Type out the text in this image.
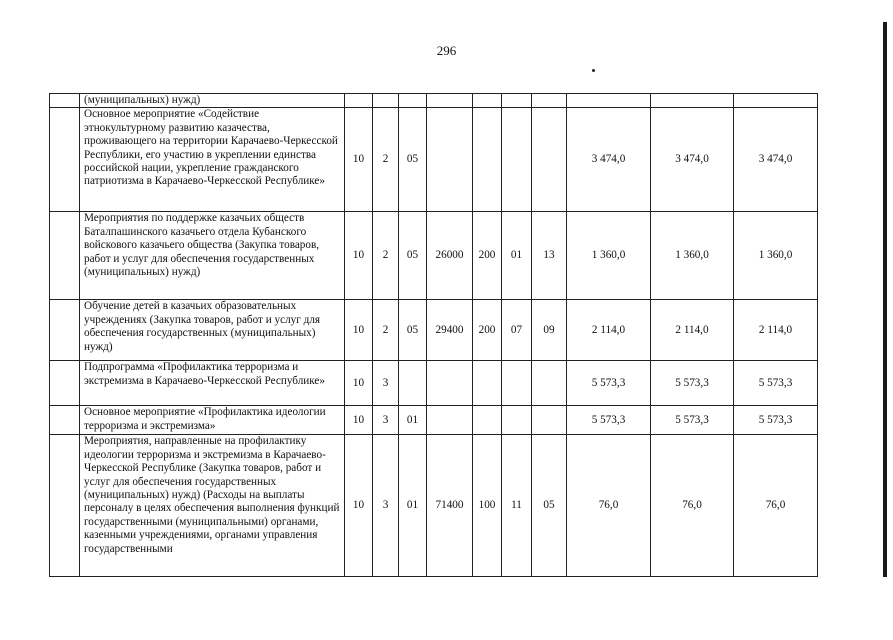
296
	(муниципальных) нужд)										
	Основное мероприятие «Содействие этнокультурному развитию казачества, проживающего на территории Карачаево-Черкесской Республики, его участию в укреплении единства российской нации, укрепление гражданского патриотизма в Карачаево-Черкесской Республике»	10	2	05					3 474,0	3 474,0	3 474,0
	Мероприятия по поддержке казачьих обществ Баталпашинского казачьего отдела Кубанского войскового казачьего общества (Закупка товаров, работ и услуг для обеспечения государственных (муниципальных) нужд)	10	2	05	26000	200	01	13	1 360,0	1 360,0	1 360,0
	Обучение детей в казачьих образовательных учреждениях (Закупка товаров, работ и услуг для обеспечения государственных (муниципальных) нужд)	10	2	05	29400	200	07	09	2 114,0	2 114,0	2 114,0
	Подпрограмма «Профилактика терроризма и экстремизма в Карачаево-Черкесской Республике»	10	3						5 573,3	5 573,3	5 573,3
	Основное мероприятие «Профилактика идеологии терроризма и экстремизма»	10	3	01					5 573,3	5 573,3	5 573,3
	Мероприятия, направленные на профилактику идеологии терроризма и экстремизма в Карачаево-Черкесской Республике (Закупка товаров, работ и услуг для обеспечения государственных (муниципальных) нужд) (Расходы на выплаты персоналу в целях обеспечения выполнения функций государственными (муниципальными) органами, казенными учреждениями, органами управления государственными	10	3	01	71400	100	11	05	76,0	76,0	76,0
